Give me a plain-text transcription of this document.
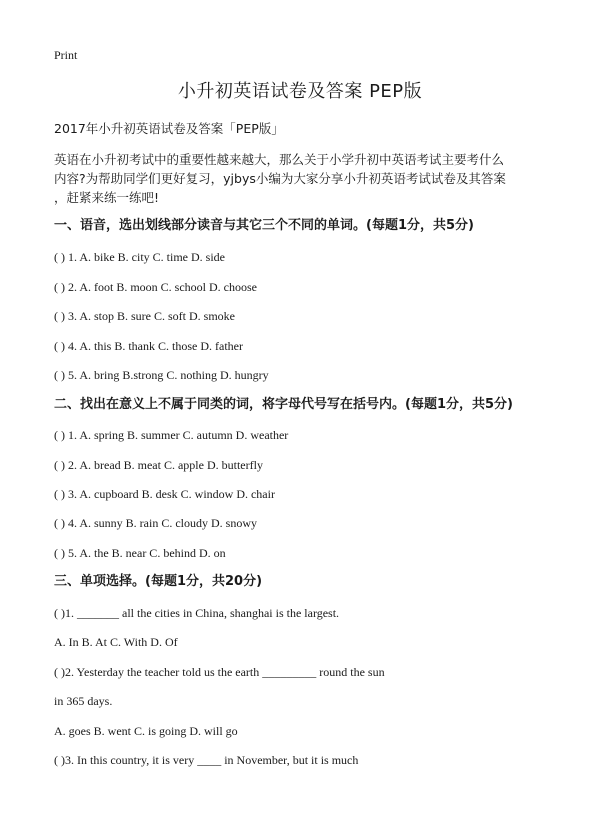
Print
小升初英语试卷及答案 PEP版
2017年小升初英语试卷及答案「PEP版」
英语在小升初考试中的重要性越来越大，那么关于小学升初中英语考试主要考什么
内容?为帮助同学们更好复习，yjbys小编为大家分享小升初英语考试试卷及其答案
，赶紧来练一练吧!
一、语音，选出划线部分读音与其它三个不同的单词。(每题1分，共5分)
( ) 1. A. bike B. city C. time D. side
( ) 2. A. foot B. moon C. school D. choose
( ) 3. A. stop B. sure C. soft D. smoke
( ) 4. A. this B. thank C. those D. father
( ) 5. A. bring B.strong C. nothing D. hungry
二、找出在意义上不属于同类的词，将字母代号写在括号内。(每题1分，共5分)
( ) 1. A. spring B. summer C. autumn D. weather
( ) 2. A. bread B. meat C. apple D. butterfly
( ) 3. A. cupboard B. desk C. window D. chair
( ) 4. A. sunny B. rain C. cloudy D. snowy
( ) 5. A. the B. near C. behind D. on
三、单项选择。(每题1分，共20分)
( )1. _______ all the cities in China, shanghai is the largest.
A. In B. At C. With D. Of
( )2. Yesterday the teacher told us the earth _________ round the sun
in 365 days.
A. goes B. went C. is going D. will go
( )3. In this country, it is very ____ in November, but it is much
